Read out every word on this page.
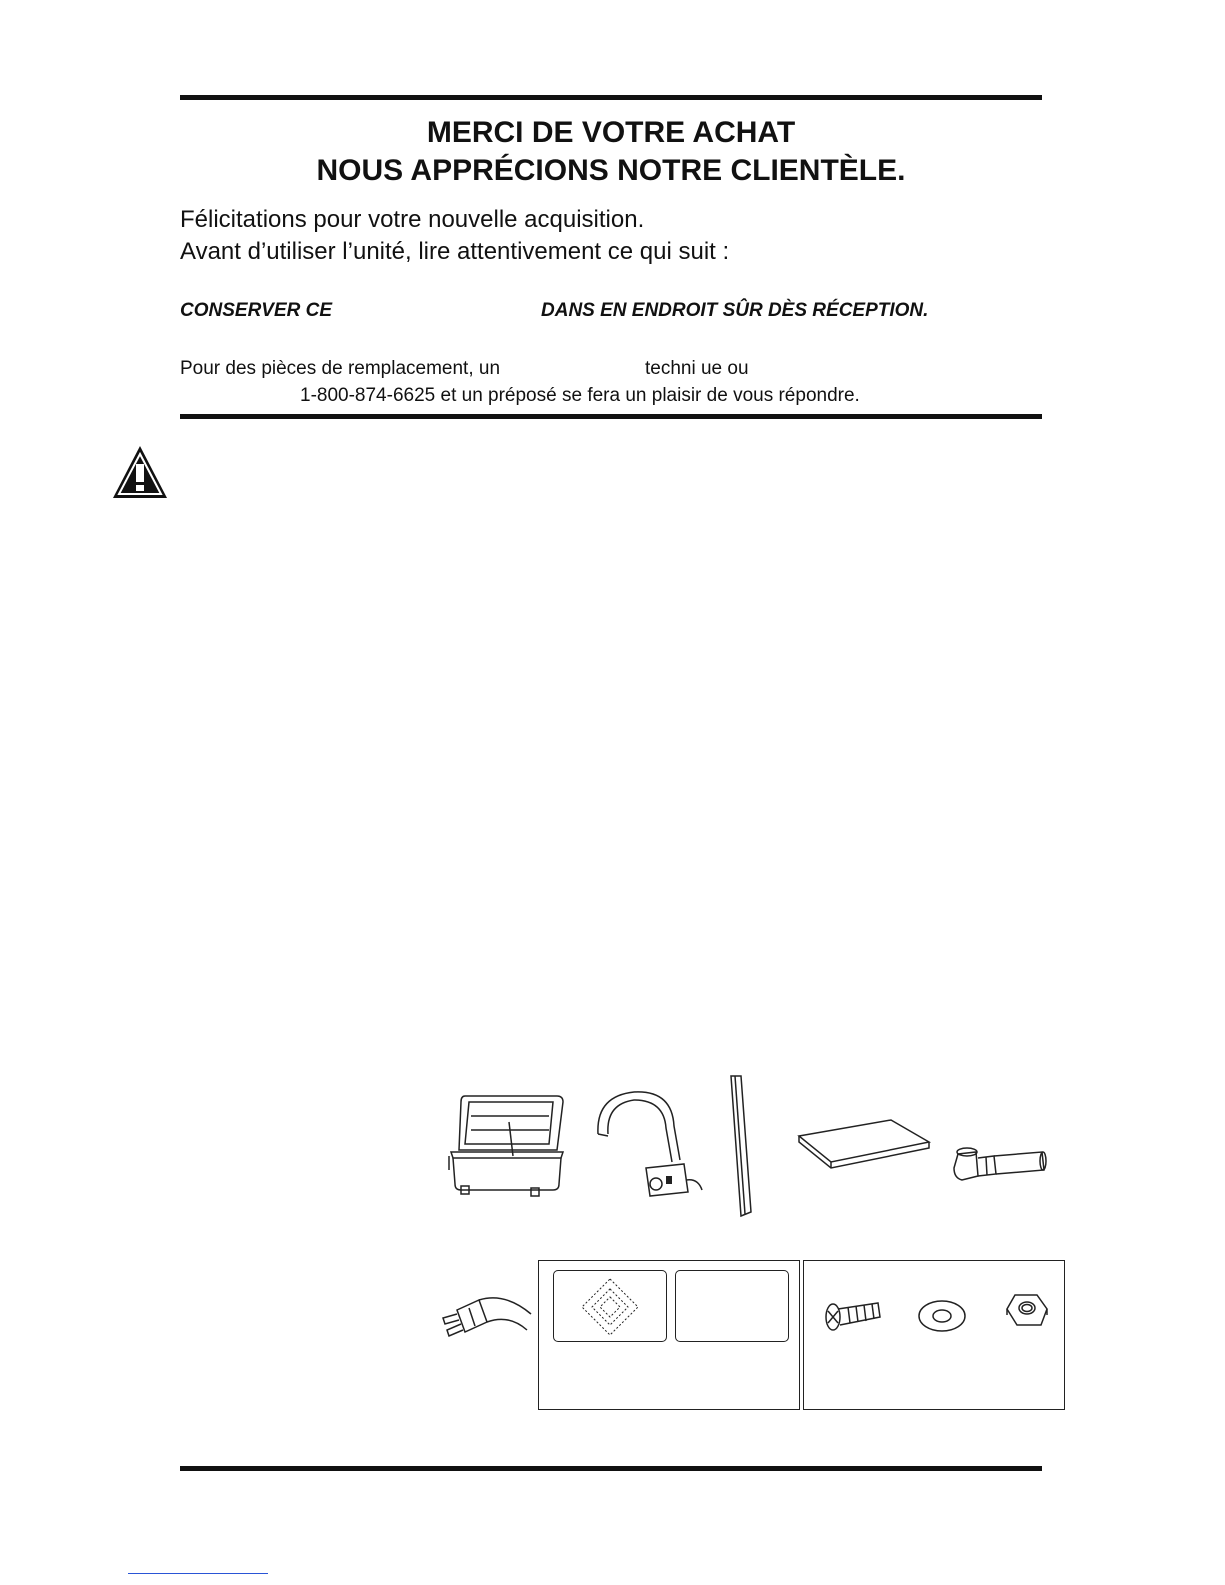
MERCI DE VOTRE ACHAT
NOUS APPRÉCIONS NOTRE CLIENTÈLE.
Félicitations pour votre nouvelle acquisition.
Avant d’utiliser l’unité, lire attentivement ce qui suit :
CONSERVER CE	DANS EN ENDROIT SÛR DÈS RÉCEPTION.
Pour des pièces de remplacement, un	techni ue ou
1-800-874-6625 et un préposé se fera un plaisir de vous répondre.
